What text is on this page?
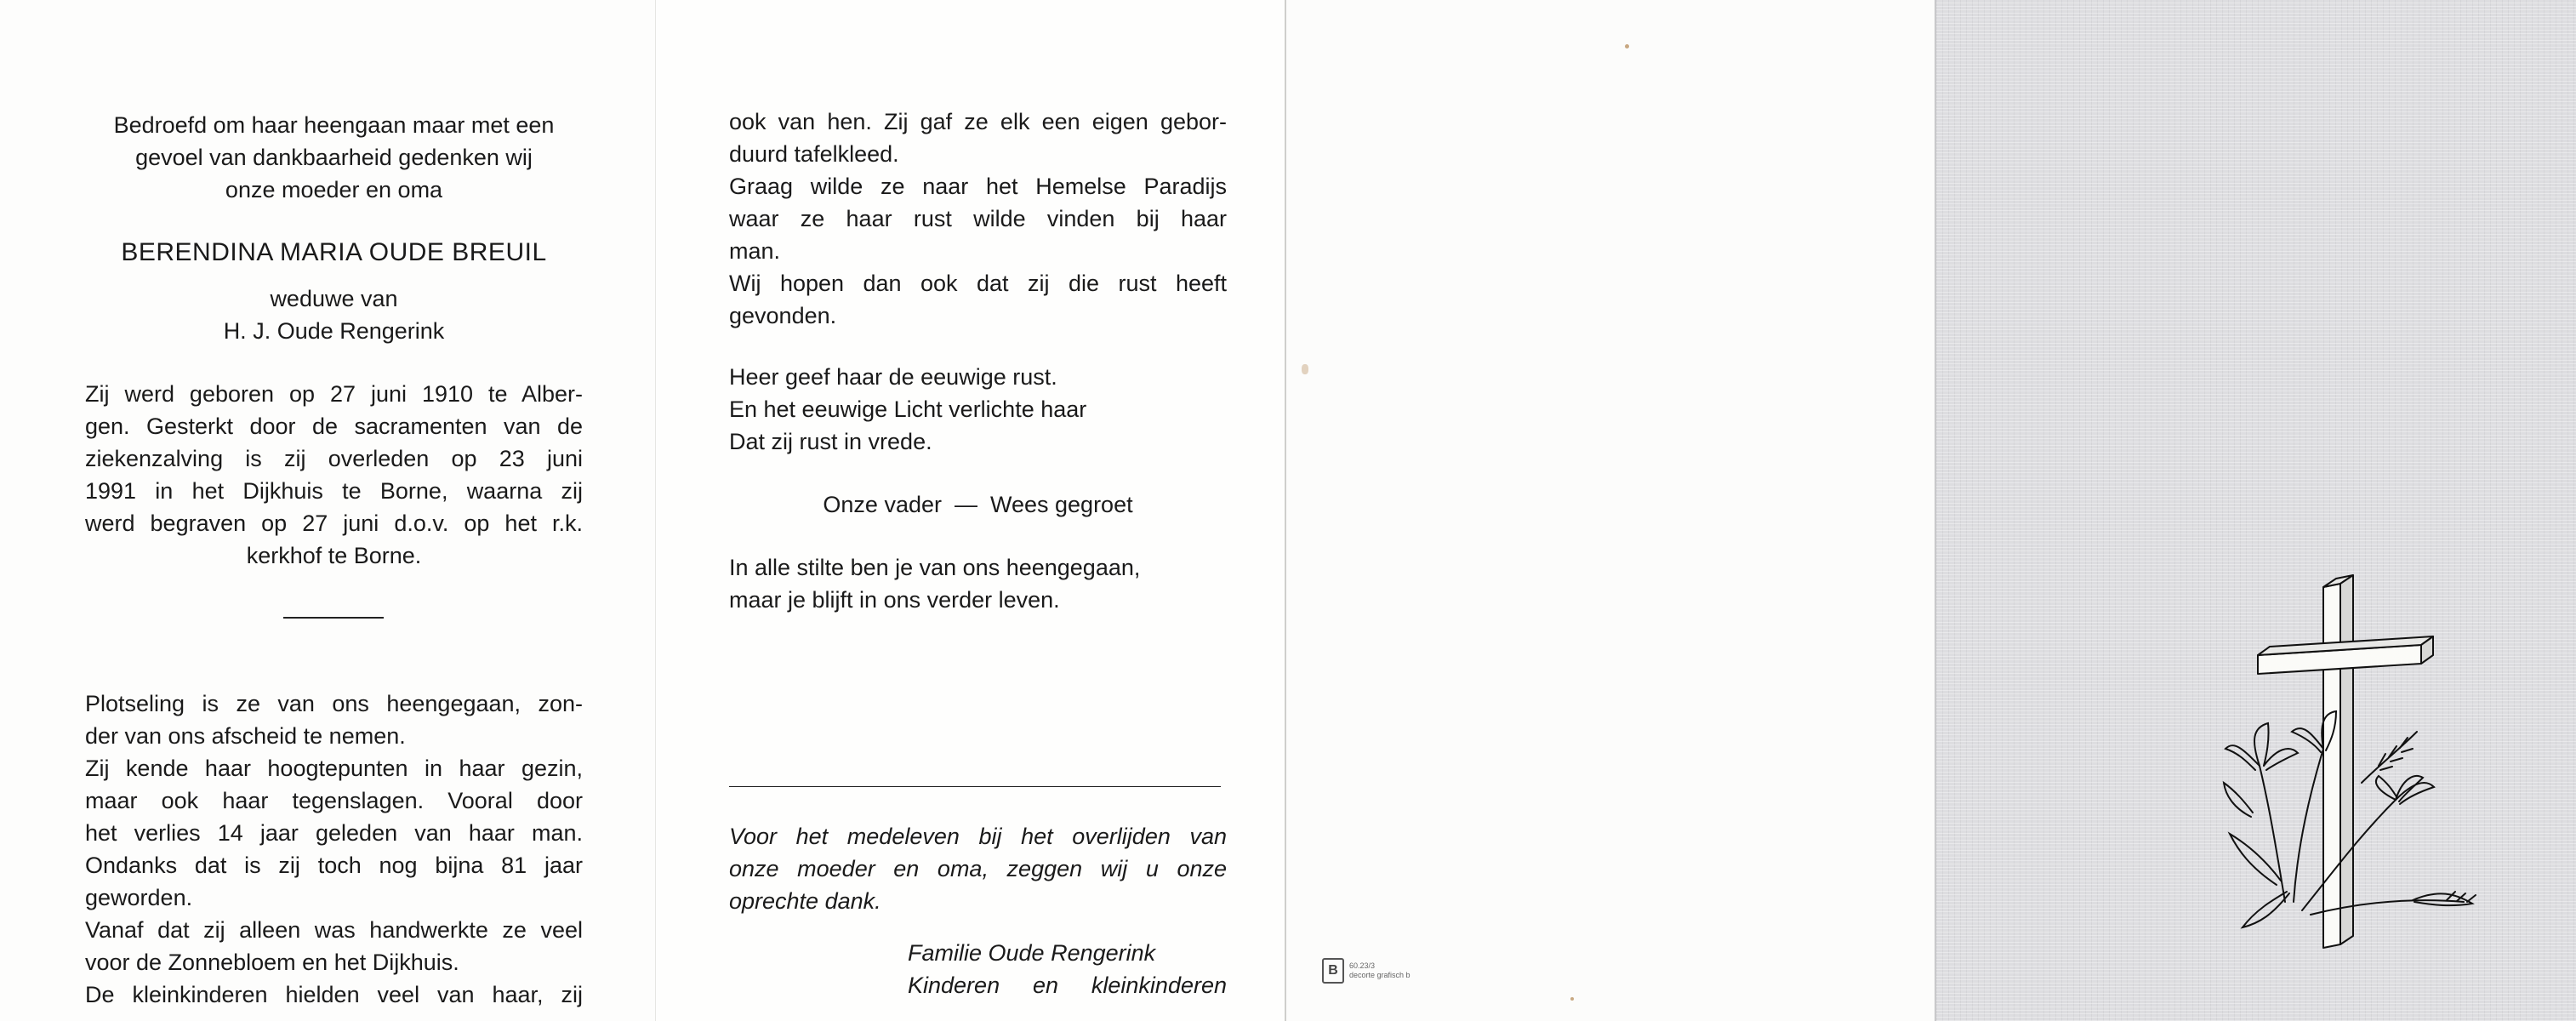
Bedroefd om haar heengaan maar met een

gevoel van dankbaarheid gedenken wij

onze moeder en oma

BERENDINA MARIA OUDE BREUIL

weduwe van

H. J. Oude Rengerink

Zij werd geboren op 27 juni 1910 te Alber-
gen. Gesterkt door de sacramenten van de
ziekenzalving is zij overleden op 23 juni
1991 in het Dijkhuis te Borne, waarna zij
werd begraven op 27 juni d.o.v. op het r.k.
kerkhof te Borne.
Plotseling is ze van ons heengegaan, zon-
der van ons afscheid te nemen.
Zij kende haar hoogtepunten in haar gezin,
maar ook haar tegenslagen. Vooral door
het verlies 14 jaar geleden van haar man.
Ondanks dat is zij toch nog bijna 81 jaar
geworden.
Vanaf dat zij alleen was handwerkte ze veel
voor de Zonnebloem en het Dijkhuis.
De kleinkinderen hielden veel van haar, zij
ook van hen. Zij gaf ze elk een eigen gebor-
duurd tafelkleed.
Graag wilde ze naar het Hemelse Paradijs
waar ze haar rust wilde vinden bij haar
man.
Wij hopen dan ook dat zij die rust heeft
gevonden.
Heer geef haar de eeuwige rust.
En het eeuwige Licht verlichte haar
Dat zij rust in vrede.
Onze vader  —  Wees gegroet
In alle stilte ben je van ons heengegaan,
maar je blijft in ons verder leven.
Voor het medeleven bij het overlijden van
onze moeder en oma, zeggen wij u onze
oprechte dank.
Familie Oude Rengerink
Kinderen en kleinkinderen
B	60.23/3
decorte grafisch b
